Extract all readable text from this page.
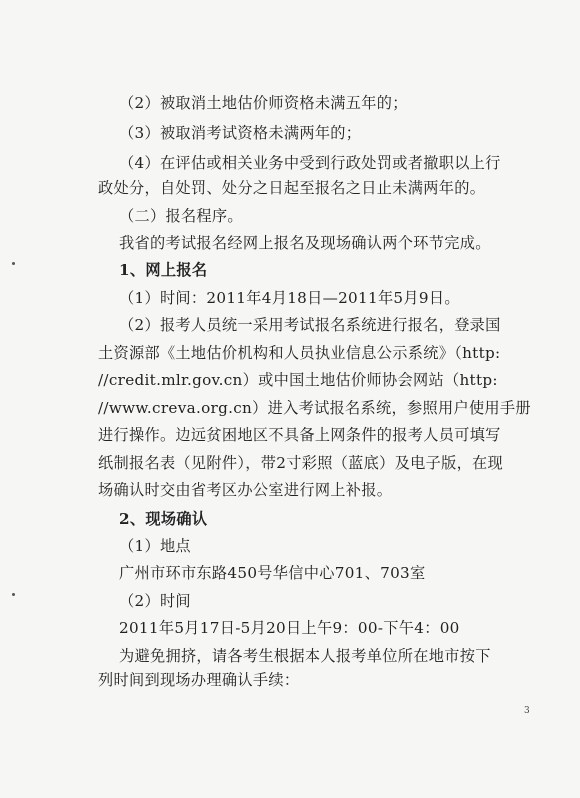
（2）被取消土地估价师资格未满五年的；
（3）被取消考试资格未满两年的；
（4）在评估或相关业务中受到行政处罚或者撤职以上行
政处分，自处罚、处分之日起至报名之日止未满两年的。
（二）报名程序。
我省的考试报名经网上报名及现场确认两个环节完成。
1、网上报名
（1）时间：2011年4月18日—2011年5月9日。
（2）报考人员统一采用考试报名系统进行报名，登录国
土资源部《土地估价机构和人员执业信息公示系统》（http:
//credit.mlr.gov.cn）或中国土地估价师协会网站（http:
//www.creva.org.cn）进入考试报名系统，参照用户使用手册
进行操作。边远贫困地区不具备上网条件的报考人员可填写
纸制报名表（见附件），带2寸彩照（蓝底）及电子版，在现
场确认时交由省考区办公室进行网上补报。
2、现场确认
（1）地点
广州市环市东路450号华信中心701、703室
（2）时间
2011年5月17日-5月20日上午9：00-下午4：00
为避免拥挤，请各考生根据本人报考单位所在地市按下
列时间到现场办理确认手续：
3
